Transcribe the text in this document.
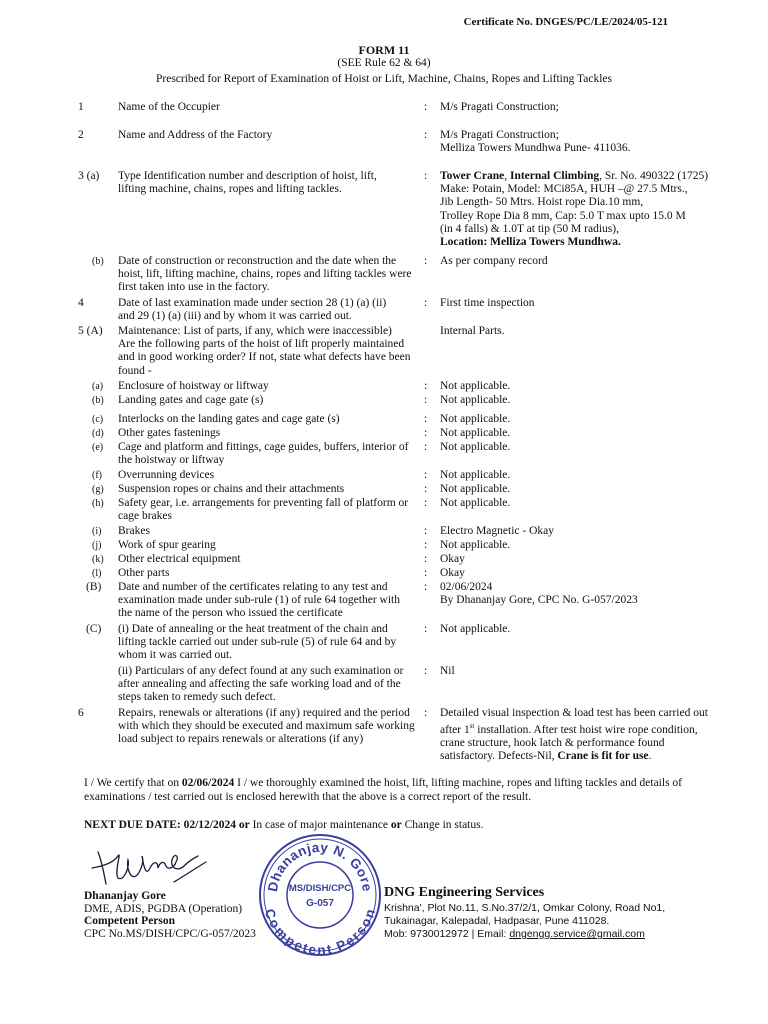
Certificate No. DNGES/PC/LE/2024/05-121
FORM 11
(SEE Rule 62 & 64)
Prescribed for Report of Examination of Hoist or Lift, Machine, Chains, Ropes and Lifting Tackles
1	Name of the Occupier	: M/s Pragati Construction;
2	Name and Address of the Factory	: M/s Pragati Construction;
Melliza Towers Mundhwa Pune- 411036.
3 (a)	Type Identification number and description of hoist, lift, lifting machine, chains, ropes and lifting tackles.
: Tower Crane, Internal Climbing, Sr. No. 490322 (1725)
Make: Potain, Model: MCi85A, HUH –@ 27.5 Mtrs.,
Jib Length- 50 Mtrs. Hoist rope Dia.10 mm,
Trolley Rope Dia 8 mm, Cap: 5.0 T max upto 15.0 M
(in 4 falls) & 1.0T at tip (50 M radius),
Location: Melliza Towers Mundhwa.
(b)	Date of construction or reconstruction and the date when the hoist, lift, lifting machine, chains, ropes and lifting tackles were first taken into use in the factory.
: As per company record
4	Date of last examination made under section 28 (1) (a) (ii) and 29 (1) (a) (iii) and by whom it was carried out.
: First time inspection
5 (A)	Maintenance: List of parts, if any, which were inaccessible)
Are the following parts of the hoist of lift properly maintained and in good working order? If not, state what defects have been found -
Internal Parts.
(a)	Enclosure of hoistway or liftway	: Not applicable.
(b)	Landing gates and cage gate (s)	: Not applicable.
(c)	Interlocks on the landing gates and cage gate (s)	: Not applicable.
(d)	Other gates fastenings	: Not applicable.
(e)	Cage and platform and fittings, cage guides, buffers, interior of the hoistway or liftway
: Not applicable.
(f)	Overrunning devices	: Not applicable.
(g)	Suspension ropes or chains and their attachments	: Not applicable.
(h)	Safety gear, i.e. arrangements for preventing fall of platform or cage brakes
: Not applicable.
(i)	Brakes	: Electro Magnetic - Okay
(j)	Work of spur gearing	: Not applicable.
(k)	Other electrical equipment	: Okay
(l)	Other parts	: Okay
(B)	Date and number of the certificates relating to any test and examination made under sub-rule (1) of rule 64 together with the name of the person who issued the certificate
: 02/06/2024
By Dhananjay Gore, CPC No. G-057/2023
(C)	(i) Date of annealing or the heat treatment of the chain and lifting tackle carried out under sub-rule (5) of rule 64 and by whom it was carried out.
: Not applicable.
(ii) Particulars of any defect found at any such examination or after annealing and affecting the safe working load and of the steps taken to remedy such defect.
: Nil
6	Repairs, renewals or alterations (if any) required and the period with which they should be executed and maximum safe working load subject to repairs renewals or alterations (if any)
: Detailed visual inspection & load test has been carried out after 1st installation. After test hoist wire rope condition, crane structure, hook latch & performance found satisfactory. Defects-Nil, Crane is fit for use.
I / We certify that on 02/06/2024 I / we thoroughly examined the hoist, lift, lifting machine, ropes and lifting tackles and details of examinations / test carried out is enclosed herewith that the above is a correct report of the result.
NEXT DUE DATE: 02/12/2024 or In case of major maintenance or Change in status.
Dhananjay Gore
DME, ADIS, PGDBA (Operation)
Competent Person
CPC No.MS/DISH/CPC/G-057/2023
Dhananjay N. Gore
Competent Person
MS/DISH/CPC
G-057
DNG Engineering Services
Krishna', Plot No.11, S.No.37/2/1, Omkar Colony, Road No1,
Tukainagar, Kalepadal, Hadpasar, Pune 411028.
Mob: 9730012972 | Email: dngengg.service@gmail.com
